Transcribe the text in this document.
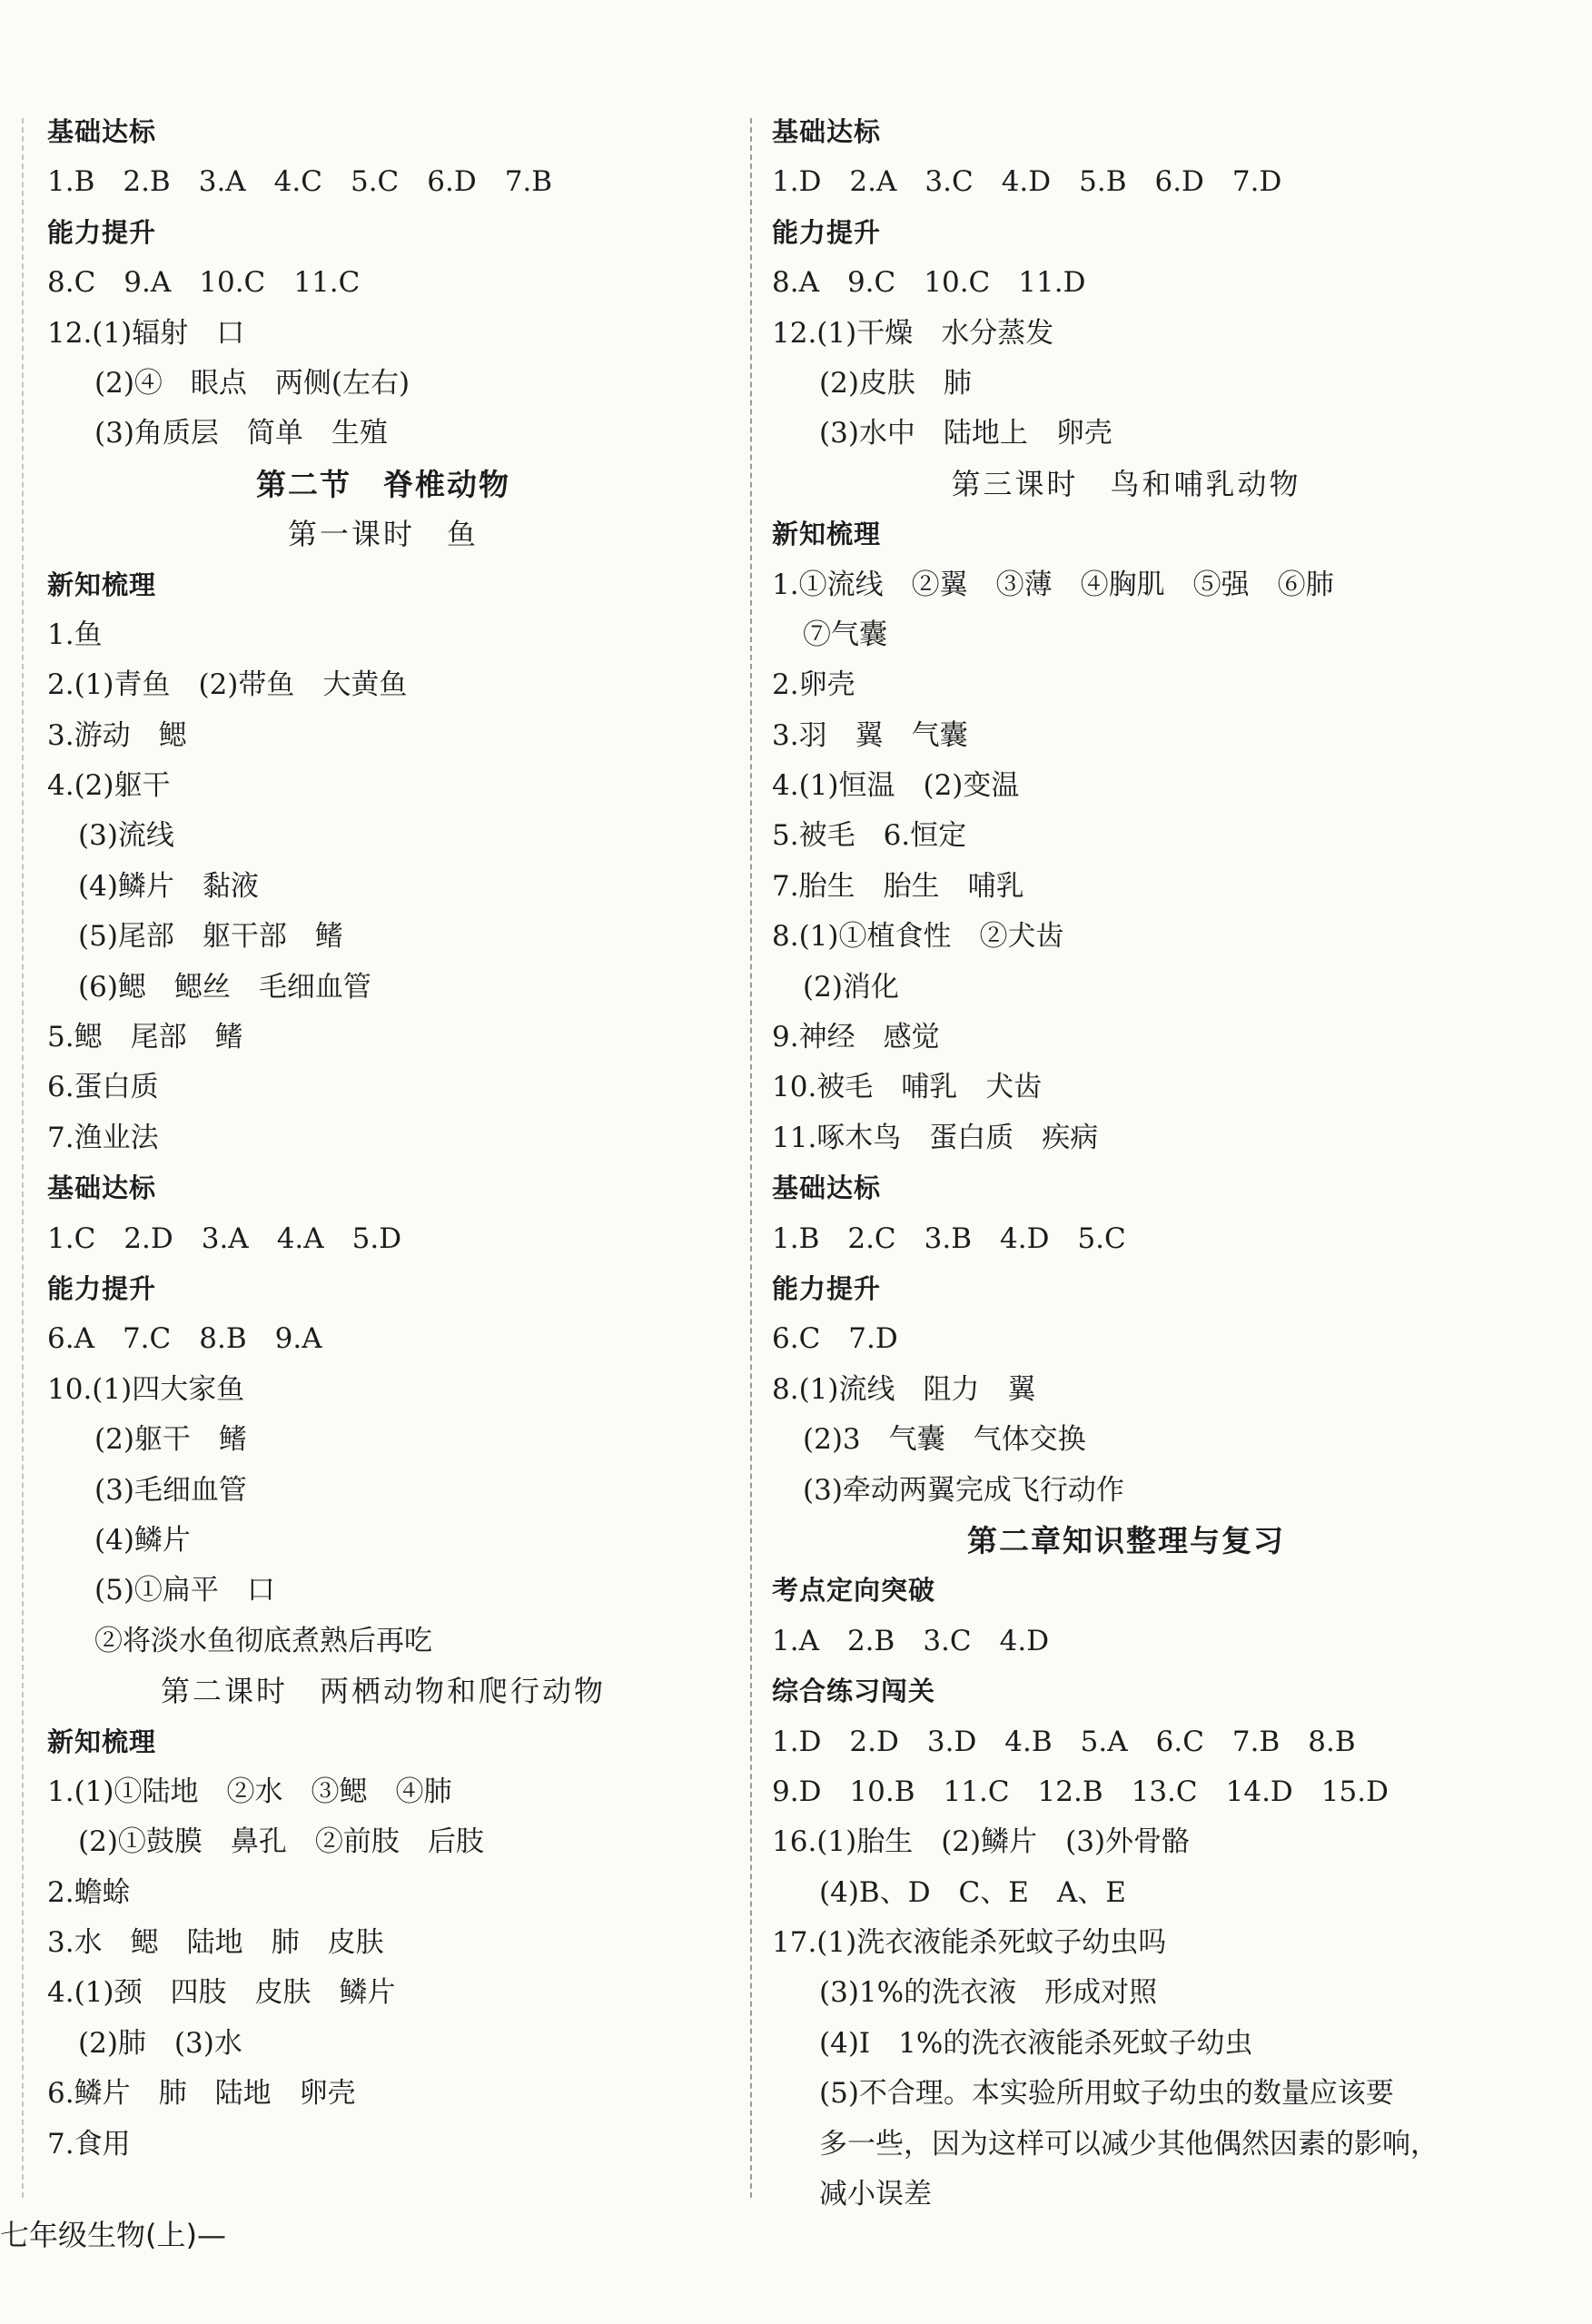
基础达标
1.B　2.B　3.A　4.C　5.C　6.D　7.B
能力提升
8.C　9.A　10.C　11.C
12.(1)辐射　口
(2)④　眼点　两侧(左右)
(3)角质层　简单　生殖
第二节　脊椎动物
第一课时　鱼
新知梳理
1.鱼
2.(1)青鱼　(2)带鱼　大黄鱼
3.游动　鳃
4.(2)躯干
(3)流线
(4)鳞片　黏液
(5)尾部　躯干部　鳍
(6)鳃　鳃丝　毛细血管
5.鳃　尾部　鳍
6.蛋白质
7.渔业法
基础达标
1.C　2.D　3.A　4.A　5.D
能力提升
6.A　7.C　8.B　9.A
10.(1)四大家鱼
(2)躯干　鳍
(3)毛细血管
(4)鳞片
(5)①扁平　口
②将淡水鱼彻底煮熟后再吃
第二课时　两栖动物和爬行动物
新知梳理
1.(1)①陆地　②水　③鳃　④肺
(2)①鼓膜　鼻孔　②前肢　后肢
2.蟾蜍
3.水　鳃　陆地　肺　皮肤
4.(1)颈　四肢　皮肤　鳞片
(2)肺　(3)水
6.鳞片　肺　陆地　卵壳
7.食用
基础达标
1.D　2.A　3.C　4.D　5.B　6.D　7.D
能力提升
8.A　9.C　10.C　11.D
12.(1)干燥　水分蒸发
(2)皮肤　肺
(3)水中　陆地上　卵壳
第三课时　鸟和哺乳动物
新知梳理
1.①流线　②翼　③薄　④胸肌　⑤强　⑥肺
⑦气囊
2.卵壳
3.羽　翼　气囊
4.(1)恒温　(2)变温
5.被毛　6.恒定
7.胎生　胎生　哺乳
8.(1)①植食性　②犬齿
(2)消化
9.神经　感觉
10.被毛　哺乳　犬齿
11.啄木鸟　蛋白质　疾病
基础达标
1.B　2.C　3.B　4.D　5.C
能力提升
6.C　7.D
8.(1)流线　阻力　翼
(2)3　气囊　气体交换
(3)牵动两翼完成飞行动作
第二章知识整理与复习
考点定向突破
1.A　2.B　3.C　4.D
综合练习闯关
1.D　2.D　3.D　4.B　5.A　6.C　7.B　8.B
9.D　10.B　11.C　12.B　13.C　14.D　15.D
16.(1)胎生　(2)鳞片　(3)外骨骼
(4)B、D　C、E　A、E
17.(1)洗衣液能杀死蚊子幼虫吗
(3)1%的洗衣液　形成对照
(4)Ⅰ　1%的洗衣液能杀死蚊子幼虫
(5)不合理。本实验所用蚊子幼虫的数量应该要
多一些，因为这样可以减少其他偶然因素的影响，
减小误差
七年级生物(上)—
